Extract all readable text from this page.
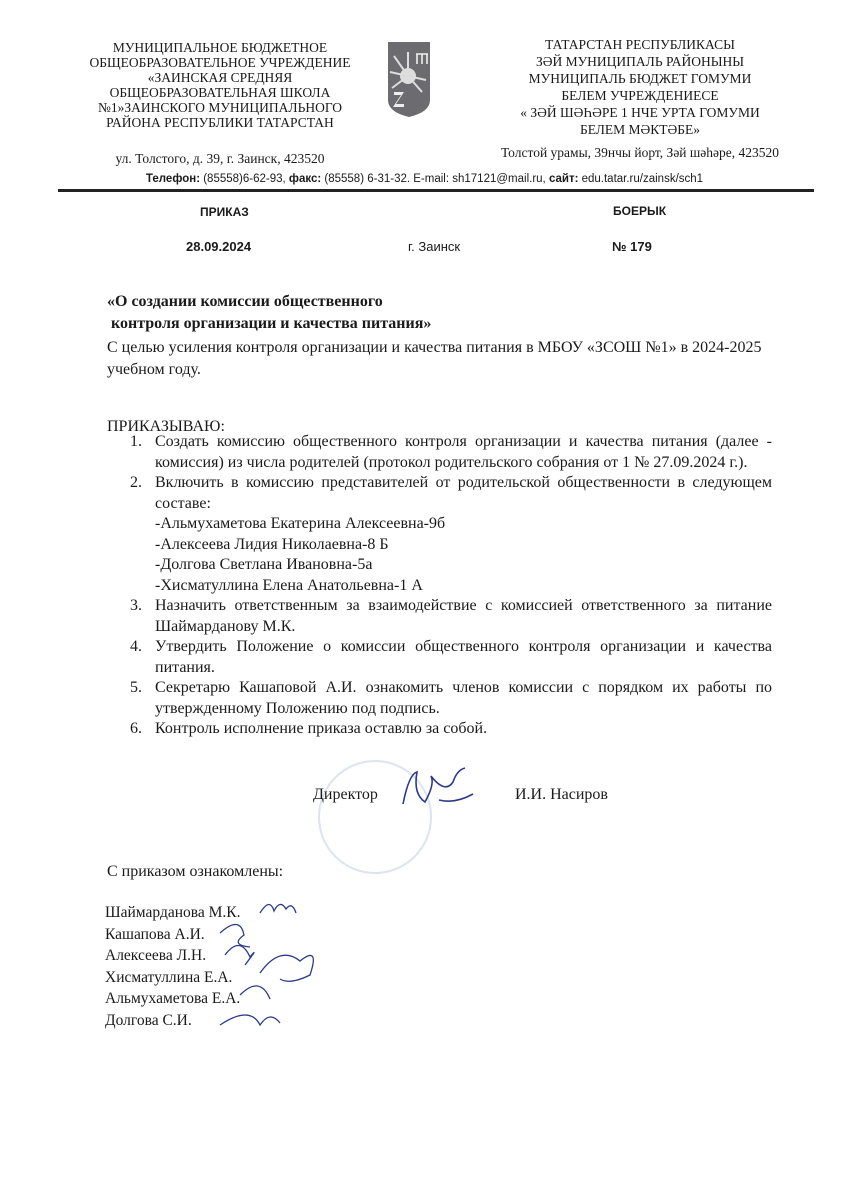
МУНИЦИПАЛЬНОЕ БЮДЖЕТНОЕ
ОБЩЕОБРАЗОВАТЕЛЬНОЕ УЧРЕЖДЕНИЕ
«ЗАИНСКАЯ СРЕДНЯЯ
ОБЩЕОБРАЗОВАТЕЛЬНАЯ ШКОЛА
№1»ЗАИНСКОГО МУНИЦИПАЛЬНОГО
РАЙОНА РЕСПУБЛИКИ ТАТАРСТАН
ул. Толстого, д. 39, г. Заинск, 423520
ТАТАРСТАН РЕСПУБЛИКАСЫ
ЗӘЙ МУНИЦИПАЛЬ РАЙОНЫНЫ
МУНИЦИПАЛЬ БЮДЖЕТ ГОМУМИ
БЕЛЕМ УЧРЕЖДЕНИЕСЕ
« ЗӘЙ ШӘҺӘРЕ 1 НЧЕ УРТА ГОМУМИ
БЕЛЕМ МӘКТӘБЕ»
Толстой урамы, 39нчы йорт, Зәй шәһәре, 423520
Телефон: (85558)6-62-93, факс: (85558) 6-31-32. E-mail: sh17121@mail.ru, сайт: edu.tatar.ru/zainsk/sch1
ПРИКАЗ	БОЕРЫК
28.09.2024	г. Заинск	№ 179
«О создании комиссии общественного
контроля организации и качества питания»
С целью усиления контроля организации и качества питания в МБОУ «ЗСОШ №1» в 2024-2025 учебном году.
ПРИКАЗЫВАЮ:
1. Создать комиссию общественного контроля организации и качества питания (далее - комиссия) из числа родителей (протокол родительского собрания от 1 № 27.09.2024 г.).
2. Включить в комиссию представителей от родительской общественности в следующем составе:
-Альмухаметова Екатерина Алексеевна-9б
-Алексеева Лидия Николаевна-8 Б
-Долгова Светлана Ивановна-5а
-Хисматуллина Елена Анатольевна-1 А
3. Назначить ответственным за взаимодействие с комиссией ответственного за питание Шаймарданову М.К.
4. Утвердить Положение о комиссии общественного контроля организации и качества питания.
5. Секретарю Кашаповой А.И. ознакомить членов комиссии с порядком их работы по утвержденному Положению под подпись.
6. Контроль исполнение приказа оставлю за собой.
Директор	И.И. Насиров
С приказом ознакомлены:
Шаймарданова М.К.
Кашапова А.И.
Алексеева Л.Н.
Хисматуллина Е.А.
Альмухаметова Е.А.
Долгова С.И.
